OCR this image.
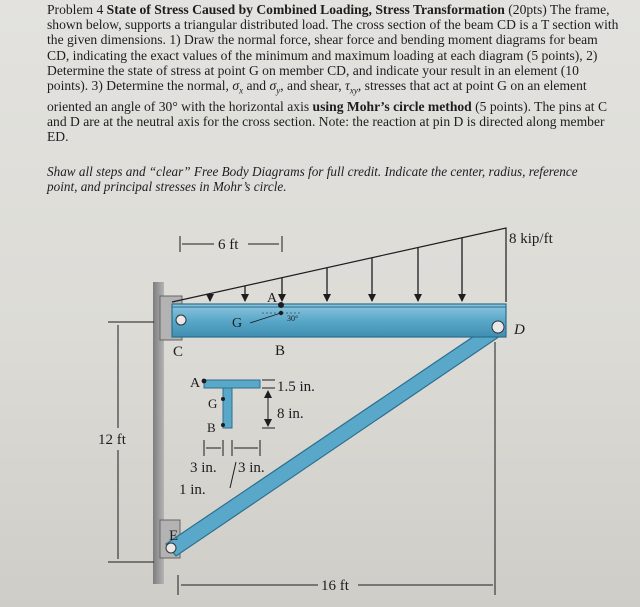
Problem 4 State of Stress Caused by Combined Loading, Stress Transformation (20pts) The frame, shown below, supports a triangular distributed load. The cross section of the beam CD is a T section with the given dimensions. 1) Draw the normal force, shear force and bending moment diagrams for beam CD, indicating the exact values of the minimum and maximum loading at each diagram (5 points), 2) Determine the state of stress at point G on member CD, and indicate your result in an element (10 points). 3) Determine the normal, $\sigma_x$ and $\sigma_y$, and shear, $\tau_{xy}$, stresses that act at point G on an element oriented an angle of 30° with the horizontal axis using Mohr’s circle method (5 points). The pins at C and D are at the neutral axis for the cross section. Note: the reaction at pin D is directed along member ED.

Shaw all steps and “clear” Free Body Diagrams for full credit. Indicate the center, radius, reference point, and principal stresses in Mohr’s circle.
8 kip/ft
6 ft
A
G	30°
C	B
D
E
12 ft
16 ft
A
G
B
1.5 in.
8 in.
3 in. 3 in.
1 in.
